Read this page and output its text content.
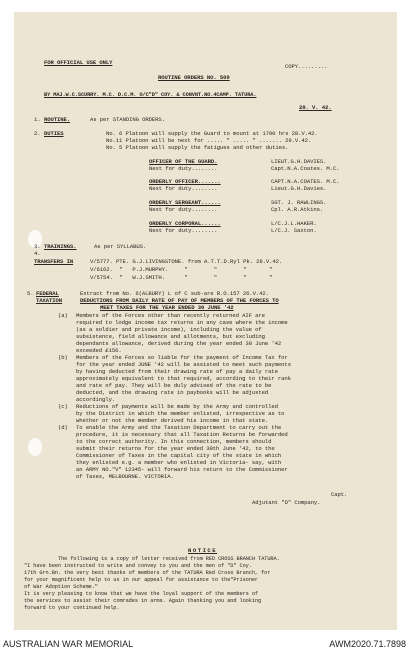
FOR OFFICIAL USE ONLY
COPY.........
ROUTINE ORDERS NO. 509
BY MAJ.W.C.SCURRY. M.C. D.C.M. O/C"D" COY. & CONVNT.NO.4CAMP. TATURA.
28. V. 42.
1. ROUTINE.	As per STANDING ORDERS.
2. DUTIES	No. 6 Platoon will supply the Guard to mount at 1700 hrs 28.V.42.
No.11 Platoon will be next for ..... " ..... " ....... 29.V.42.
No. 5 Platoon will supply the fatigues and other duties.
OFFICER OF THE GUARD.
Next for duty........
LIEUT.G.H.DAVIES.
Capt.N.A.Coates. M.C.
ORDERLY OFFICER.......
Next for duty........
CAPT.N.A.COATES. M.C.
Lieut.G.H.Davies.
ORDERLY SERGEANT......
Next for duty........
SGT. J. RAWLINGS.
Cpl. A.R.Atkins.
ORDERLY CORPORAL......
Next for duty........
L/C.J.L.HAKER.
L/C.J. Saxton.
3. TRAININGS.	As per SYLLABUS.
4.
TRANSFERS IN	V/5777. PTE. G.J.LIVINGSTONE. from A.T.T.D.Ryl Pk. 28.V.42.
V/6162.  "   P.J.MURPHY.     "        "        "       "
V/5754.  "   W.J.SMITH.      "        "        "       "
5. FEDERAL
TAXATION
Extract from No. 6(ALBURY) L of C sub-are R.O.157 26.V.42.
DEDUCTIONS FROM DAILY RATE OF PAY OF MEMBERS OF THE FORCES TO
MEET TAXES FOR THE YEAR ENDED 30 JUNE '42
(a) Members of the Forces other than recently returned AIF are
required to lodge income tax returns in any case where the income
(as a soldier and private income), including the value of
subsistence, field allowance and allotments, but excluding
dependants allowance, derived during the year ended 30 June '42
exceeded £156.
(b) Members of the Forces so liable for the payment of Income Tax for
for the year ended JUNE '42 will be assisted to meet such payments
by having deducted from their drawing rate of pay a daily rate
approximately equivalent to that required, according to their rank
and rate of pay. They will be duly advised of the rate to be
deducted, and the drawing rate in paybooks will be adjusted
accordingly.
(c) Reductions of payments will be made by the Army and controlled
by the District in which the member enlisted, irrespective as to
whether or not the member derived his income in that state.
(d) To enable the Army and the Taxation Department to carry out the
procedure, it is necessary that all Taxation Returns be forwarded
to the correct authority. In this connection, members should
submit their returns for the year ended 30th June '42, to the
Commissioner of Taxes in the capital city of the state in which
they enlisted e.g. a member who enlisted in Victoria- say, with
an ARMY NO."V" 12345- will forward his return to the Commissioner
of Taxes, MELBOURNE. VICTORIA.
Capt.
Adjutant "D" Company.
NOTICE
The following is a copy of letter received from RED CROSS BRANCH TATURA.
"I have been instructed to write and convey to you and the men of "D" Coy.
17th Grn.Bn. the very best thanks of members of the TATURA Red Cross Branch, for
for your magnificent help to us in our appeal for assistance to the"Prisoner
of War Adoption Scheme."
It is very pleasing to know that we have the loyal support of the members of
the services to assist their comrades in arms. Again thanking you and looking
forward to your continued help.
AUSTRALIAN WAR MEMORIAL	AWM2020.71.7898
